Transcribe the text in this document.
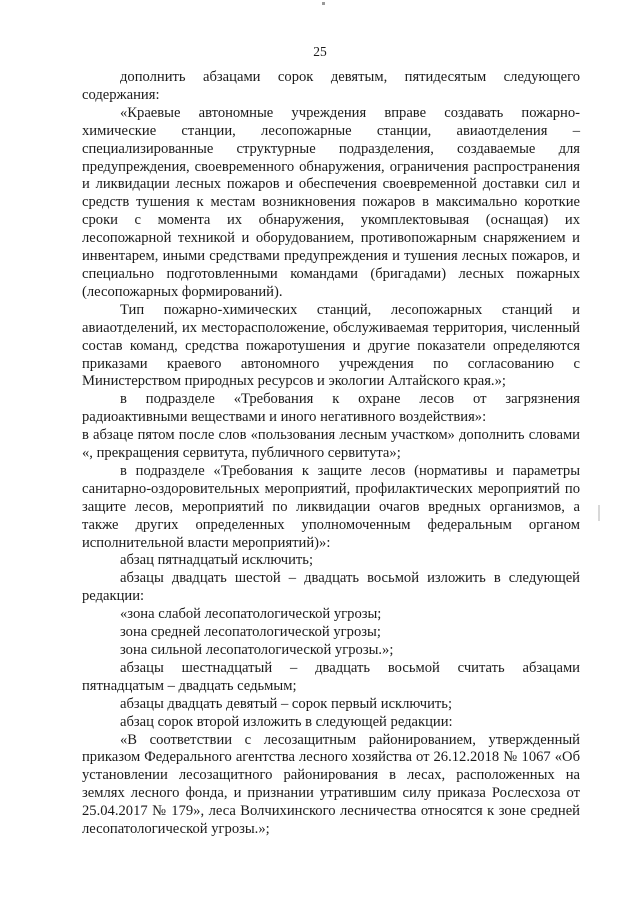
25

дополнить абзацами сорок девятым, пятидесятым следующего содержания:

«Краевые автономные учреждения вправе создавать пожарно-химические станции, лесопожарные станции, авиаотделения – специализированные структурные подразделения, создаваемые для предупреждения, своевременного обнаружения, ограничения распространения и ликвидации лесных пожаров и обеспечения своевременной доставки сил и средств тушения к местам возникновения пожаров в максимально короткие сроки с момента их обнаружения, укомплектовывая (оснащая) их лесопожарной техникой и оборудованием, противопожарным снаряжением и инвентарем, иными средствами предупреждения и тушения лесных пожаров, и специально подготовленными командами (бригадами) лесных пожарных (лесопожарных формирований).

Тип пожарно-химических станций, лесопожарных станций и авиаотделений, их месторасположение, обслуживаемая территория, численный состав команд, средства пожаротушения и другие показатели определяются приказами краевого автономного учреждения по согласованию с Министерством природных ресурсов и экологии Алтайского края.»;

в подразделе «Требования к охране лесов от загрязнения радиоактивными веществами и иного негативного воздействия»:

в абзаце пятом после слов «пользования лесным участком» дополнить словами «, прекращения сервитута, публичного сервитута»;

в подразделе «Требования к защите лесов (нормативы и параметры санитарно-оздоровительных мероприятий, профилактических мероприятий по защите лесов, мероприятий по ликвидации очагов вредных организмов, а также других определенных уполномоченным федеральным органом исполнительной власти мероприятий)»:

абзац пятнадцатый исключить;

абзацы двадцать шестой – двадцать восьмой изложить в следующей редакции:

«зона слабой лесопатологической угрозы;

зона средней лесопатологической угрозы;

зона сильной лесопатологической угрозы.»;

абзацы шестнадцатый – двадцать восьмой считать абзацами пятнадцатым – двадцать седьмым;

абзацы двадцать девятый – сорок первый исключить;

абзац сорок второй изложить в следующей редакции:

«В соответствии с лесозащитным районированием, утвержденный приказом Федерального агентства лесного хозяйства от 26.12.2018 № 1067 «Об установлении лесозащитного районирования в лесах, расположенных на землях лесного фонда, и признании утратившим силу приказа Рослесхоза от 25.04.2017 № 179», леса Волчихинского лесничества относятся к зоне средней лесопатологической угрозы.»;
